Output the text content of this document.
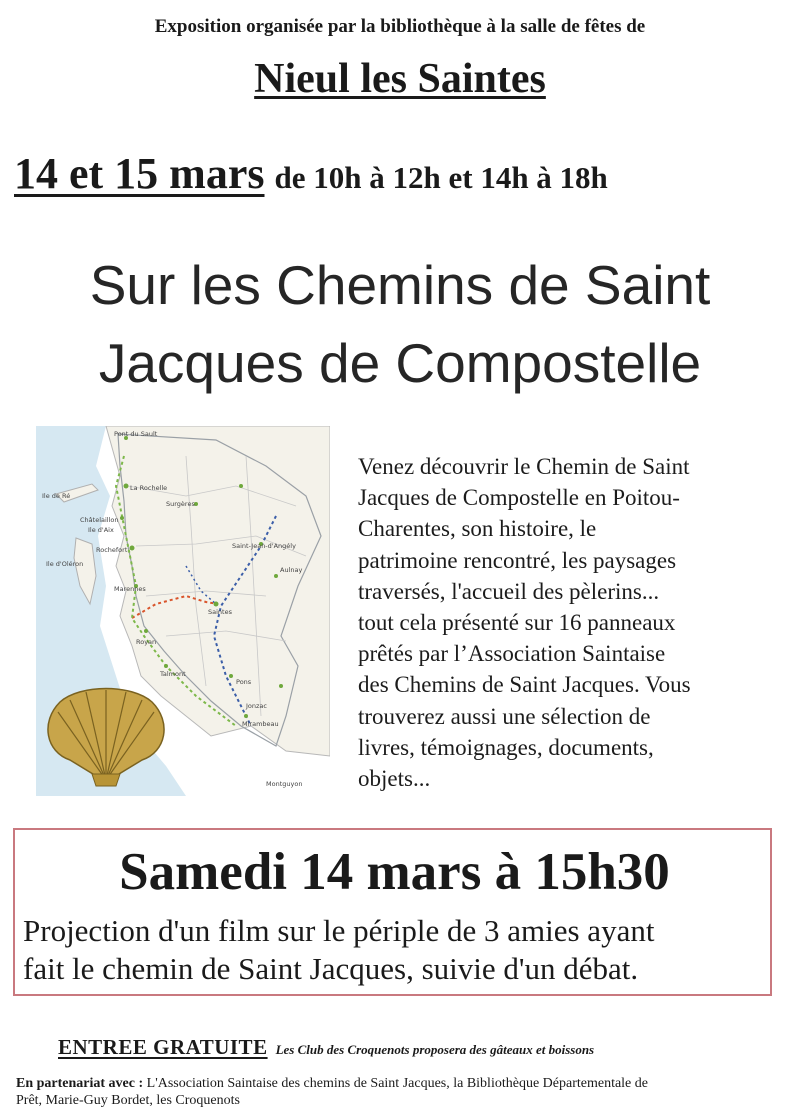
Exposition organisée par la bibliothèque à la salle de fêtes de
Nieul les Saintes
14 et 15 mars de 10h à 12h et 14h à 18h
Sur les Chemins de Saint
Jacques de Compostelle
Pont du Sault
Ile de Ré
La Rochelle
Châtelaillon
Ile d'Aix
Rochefort
Ile d'Oléron
Marennes
Royan
Talmont
Saintes
Saint-Jean-d'Angély
Aulnay
Surgères
Pons
Jonzac
Mirambeau
Montguyon
Venez découvrir le Chemin de Saint
Jacques de Compostelle en Poitou-
Charentes, son histoire, le
patrimoine rencontré, les paysages
traversés, l'accueil des pèlerins...
tout cela présenté sur 16 panneaux
prêtés par l’Association Saintaise
des Chemins de Saint Jacques. Vous
trouverez aussi une sélection de
livres, témoignages, documents,
objets...
Samedi 14 mars à 15h30
Projection d'un film sur le périple de 3 amies ayant
fait le chemin de Saint Jacques, suivie d'un débat.
ENTREE GRATUITE Les Club des Croquenots proposera des gâteaux et boissons
En partenariat avec : L'Association Saintaise des chemins de Saint Jacques, la Bibliothèque Départementale de
Prêt, Marie-Guy Bordet, les Croquenots
